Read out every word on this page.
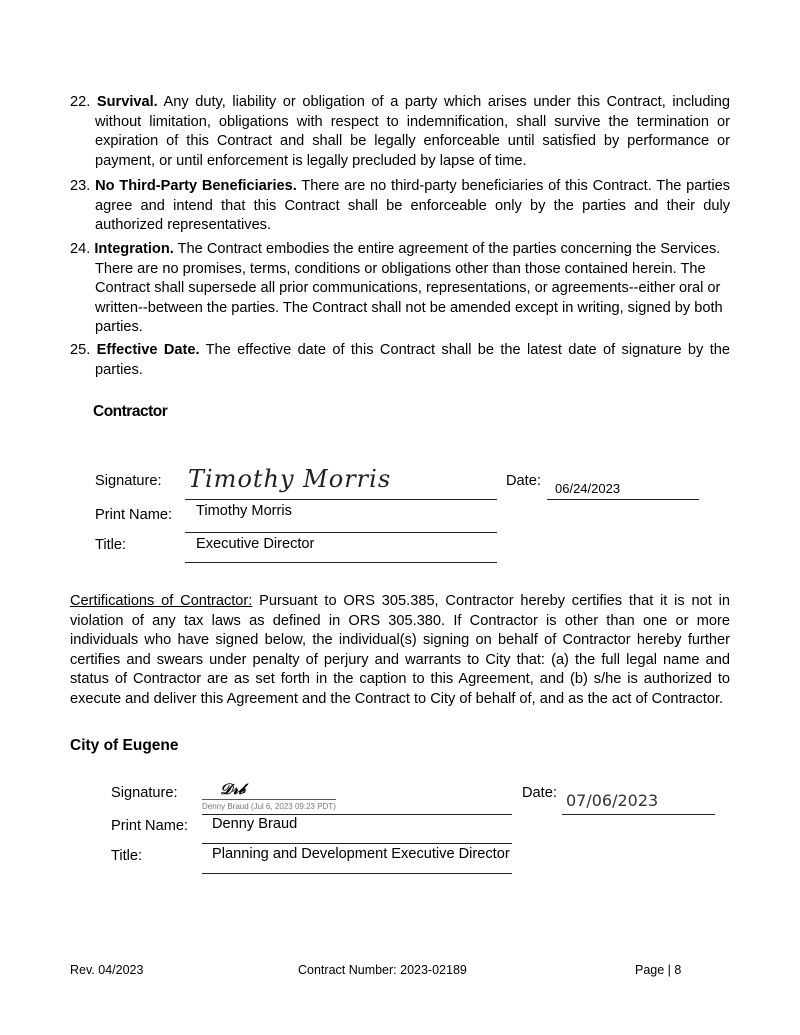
22. Survival. Any duty, liability or obligation of a party which arises under this Contract, including without limitation, obligations with respect to indemnification, shall survive the termination or expiration of this Contract and shall be legally enforceable until satisfied by performance or payment, or until enforcement is legally precluded by lapse of time.
23. No Third-Party Beneficiaries. There are no third-party beneficiaries of this Contract. The parties agree and intend that this Contract shall be enforceable only by the parties and their duly authorized representatives.
24. Integration. The Contract embodies the entire agreement of the parties concerning the Services. There are no promises, terms, conditions or obligations other than those contained herein. The Contract shall supersede all prior communications, representations, or agreements--either oral or written--between the parties. The Contract shall not be amended except in writing, signed by both parties.
25. Effective Date. The effective date of this Contract shall be the latest date of signature by the parties.
Contractor
Signature: Timothy Morris	Date: 06/24/2023
Print Name: Timothy Morris
Title:	Executive Director
Certifications of Contractor: Pursuant to ORS 305.385, Contractor hereby certifies that it is not in violation of any tax laws as defined in ORS 305.380. If Contractor is other than one or more individuals who have signed below, the individual(s) signing on behalf of Contractor hereby further certifies and swears under penalty of perjury and warrants to City that: (a) the full legal name and status of Contractor are as set forth in the caption to this Agreement, and (b) s/he is authorized to execute and deliver this Agreement and the Contract to City of behalf of, and as the act of Contractor.
City of Eugene
Signature:	𝒟𝓇𝒷
Denny Braud (Jul 6, 2023 09:23 PDT)
Date: 07/06/2023
Print Name: Denny Braud
Title:	Planning and Development Executive Director
Rev. 04/2023	Contract Number: 2023-02189	Page | 8
